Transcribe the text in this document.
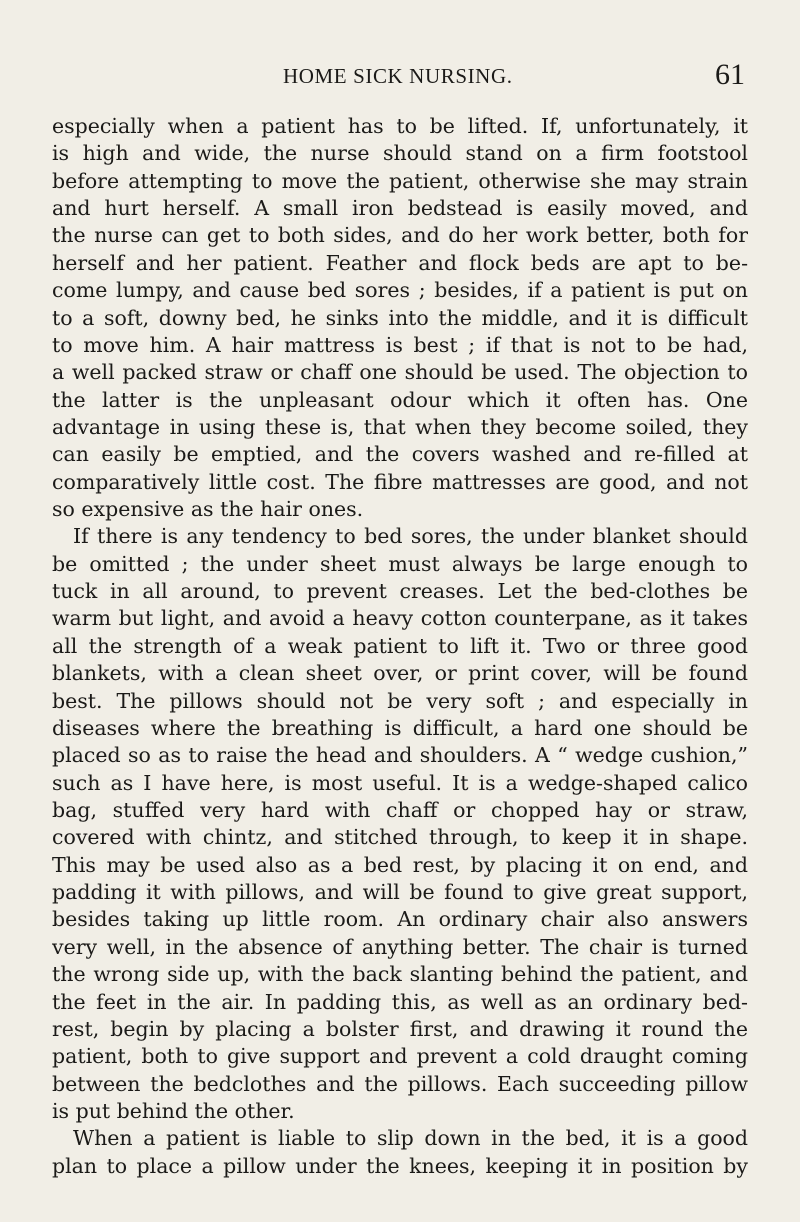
HOME SICK NURSING.	61
especially when a patient has to be lifted. If, unfortunately, it
is high and wide, the nurse should stand on a firm footstool
before attempting to move the patient, otherwise she may strain
and hurt herself. A small iron bedstead is easily moved, and
the nurse can get to both sides, and do her work better, both for
herself and her patient. Feather and flock beds are apt to be-
come lumpy, and cause bed sores ; besides, if a patient is put on
to a soft, downy bed, he sinks into the middle, and it is difficult
to move him. A hair mattress is best ; if that is not to be had,
a well packed straw or chaff one should be used. The objection to
the latter is the unpleasant odour which it often has. One
advantage in using these is, that when they become soiled, they
can easily be emptied, and the covers washed and re-filled at
comparatively little cost. The fibre mattresses are good, and not
so expensive as the hair ones.
If there is any tendency to bed sores, the under blanket should
be omitted ; the under sheet must always be large enough to
tuck in all around, to prevent creases. Let the bed-clothes be
warm but light, and avoid a heavy cotton counterpane, as it takes
all the strength of a weak patient to lift it. Two or three good
blankets, with a clean sheet over, or print cover, will be found
best. The pillows should not be very soft ; and especially in
diseases where the breathing is difficult, a hard one should be
placed so as to raise the head and shoulders. A “ wedge cushion,”
such as I have here, is most useful. It is a wedge-shaped calico
bag, stuffed very hard with chaff or chopped hay or straw,
covered with chintz, and stitched through, to keep it in shape.
This may be used also as a bed rest, by placing it on end, and
padding it with pillows, and will be found to give great support,
besides taking up little room. An ordinary chair also answers
very well, in the absence of anything better. The chair is turned
the wrong side up, with the back slanting behind the patient, and
the feet in the air. In padding this, as well as an ordinary bed-
rest, begin by placing a bolster first, and drawing it round the
patient, both to give support and prevent a cold draught coming
between the bedclothes and the pillows. Each succeeding pillow
is put behind the other.
When a patient is liable to slip down in the bed, it is a good
plan to place a pillow under the knees, keeping it in position by
